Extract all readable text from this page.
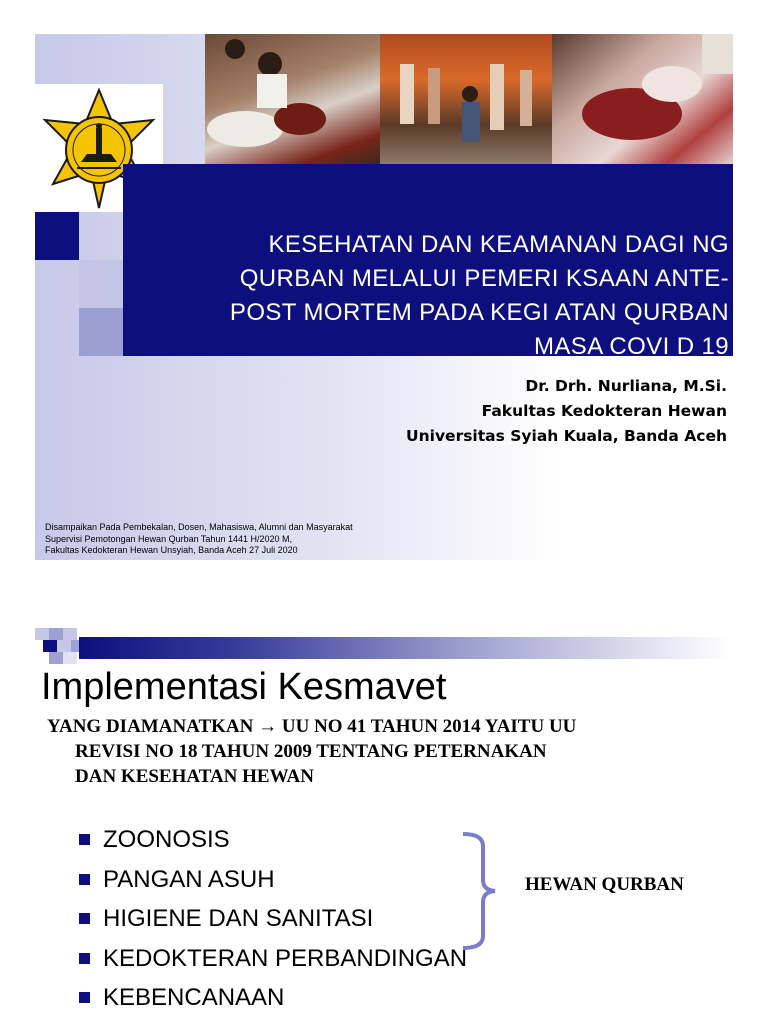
KESEHATAN DAN KEAMANAN DAGI NG
QURBAN MELALUI PEMERI KSAAN ANTE-
POST MORTEM PADA KEGI ATAN QURBAN
MASA COVI D 19
Dr. Drh. Nurliana, M.Si.
Fakultas Kedokteran Hewan
Universitas Syiah Kuala, Banda Aceh
Disampaikan Pada Pembekalan, Dosen, Mahasiswa, Alumni dan Masyarakat
Supervisi Pemotongan Hewan Qurban Tahun 1441 H/2020 M,
Fakultas Kedokteran Hewan Unsyiah, Banda Aceh 27 Juli 2020
Implementasi Kesmavet
YANG DIAMANATKAN → UU NO 41 TAHUN 2014 YAITU UU
REVISI NO 18 TAHUN 2009 TENTANG PETERNAKAN
DAN KESEHATAN HEWAN
ZOONOSIS
PANGAN ASUH
HIGIENE DAN SANITASI
KEDOKTERAN PERBANDINGAN
KEBENCANAAN
HEWAN QURBAN
